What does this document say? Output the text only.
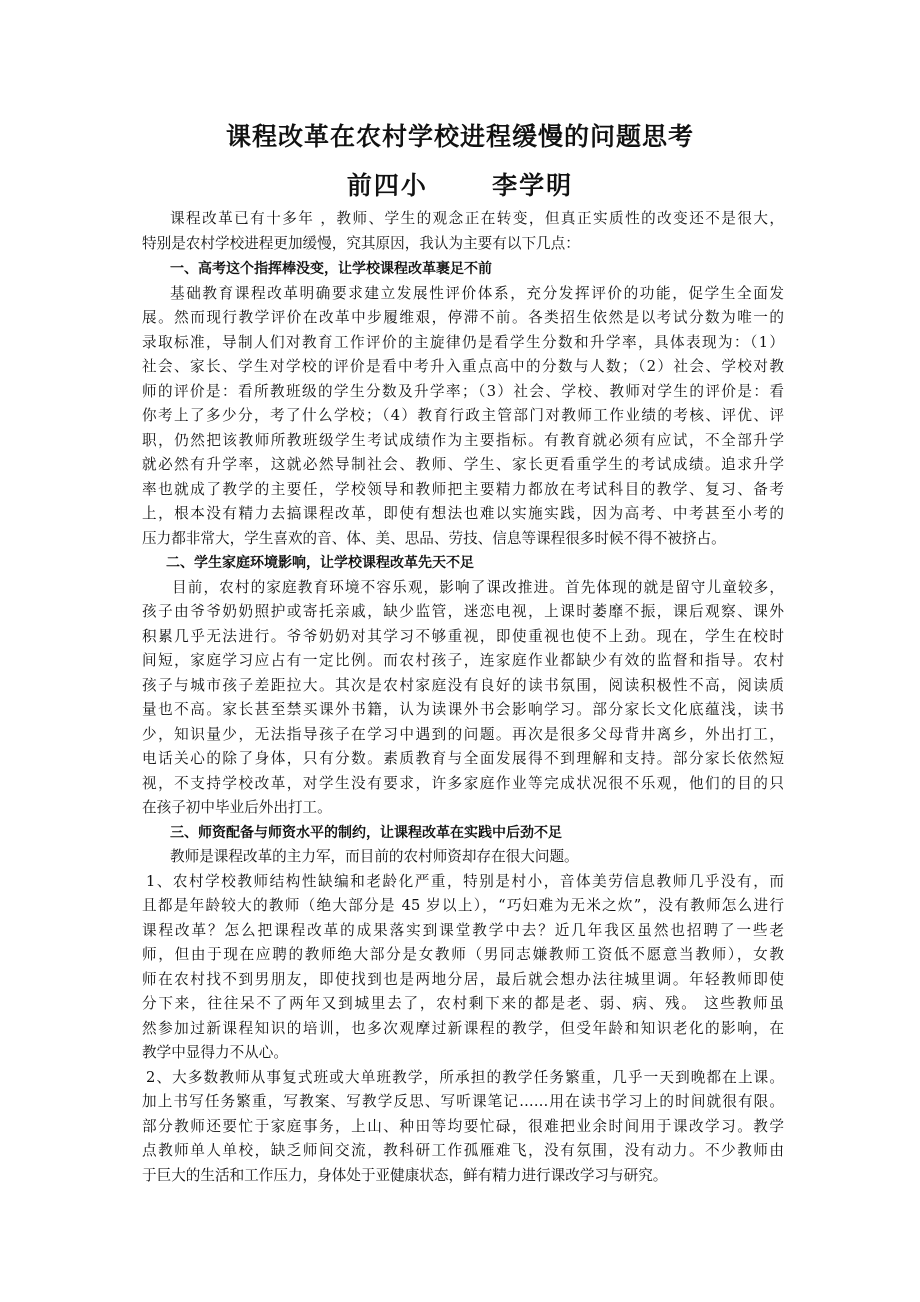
课程改革在农村学校进程缓慢的问题思考
前四小      李学明
课程改革已有十多年 ，教师、学生的观念正在转变，但真正实质性的改变还不是很大，
特别是农村学校进程更加缓慢，究其原因，我认为主要有以下几点：
一、高考这个指挥棒没变，让学校课程改革裹足不前
基础教育课程改革明确要求建立发展性评价体系，充分发挥评价的功能，促学生全面发
展。然而现行教学评价在改革中步履维艰，停滞不前。各类招生依然是以考试分数为唯一的
录取标准，导制人们对教育工作评价的主旋律仍是看学生分数和升学率，具体表现为：（1）
社会、家长、学生对学校的评价是看中考升入重点高中的分数与人数；（2）社会、学校对教
师的评价是：看所教班级的学生分数及升学率；（3）社会、学校、教师对学生的评价是：看
你考上了多少分，考了什么学校；（4）教育行政主管部门对教师工作业绩的考核、评优、评
职，仍然把该教师所教班级学生考试成绩作为主要指标。有教育就必须有应试，不全部升学
就必然有升学率，这就必然导制社会、教师、学生、家长更看重学生的考试成绩。追求升学
率也就成了教学的主要任，学校领导和教师把主要精力都放在考试科目的教学、复习、备考
上，根本没有精力去搞课程改革，即使有想法也难以实施实践，因为高考、中考甚至小考的
压力都非常大，学生喜欢的音、体、美、思品、劳技、信息等课程很多时候不得不被挤占。
二、学生家庭环境影响，让学校课程改革先天不足
目前，农村的家庭教育环境不容乐观，影响了课改推进。首先体现的就是留守儿童较多，
孩子由爷爷奶奶照护或寄托亲戚，缺少监管，迷恋电视，上课时萎靡不振，课后观察、课外
积累几乎无法进行。爷爷奶奶对其学习不够重视，即使重视也使不上劲。现在，学生在校时
间短，家庭学习应占有一定比例。而农村孩子，连家庭作业都缺少有效的监督和指导。农村
孩子与城市孩子差距拉大。其次是农村家庭没有良好的读书氛围，阅读积极性不高，阅读质
量也不高。家长甚至禁买课外书籍，认为读课外书会影响学习。部分家长文化底蕴浅，读书
少，知识量少，无法指导孩子在学习中遇到的问题。再次是很多父母背井离乡，外出打工，
电话关心的除了身体，只有分数。素质教育与全面发展得不到理解和支持。部分家长依然短
视，不支持学校改革，对学生没有要求，许多家庭作业等完成状况很不乐观，他们的目的只
在孩子初中毕业后外出打工。
三、师资配备与师资水平的制约，让课程改革在实践中后劲不足
教师是课程改革的主力军，而目前的农村师资却存在很大问题。
1、农村学校教师结构性缺编和老龄化严重，特别是村小，音体美劳信息教师几乎没有，而
且都是年龄较大的教师（绝大部分是 45 岁以上），“巧妇难为无米之炊”，没有教师怎么进行
课程改革？怎么把课程改革的成果落实到课堂教学中去？近几年我区虽然也招聘了一些老
师，但由于现在应聘的教师绝大部分是女教师（男同志嫌教师工资低不愿意当教师），女教
师在农村找不到男朋友，即使找到也是两地分居，最后就会想办法往城里调。年轻教师即使
分下来，往往呆不了两年又到城里去了，农村剩下来的都是老、弱、病、残。 这些教师虽
然参加过新课程知识的培训，也多次观摩过新课程的教学，但受年龄和知识老化的影响，在
教学中显得力不从心。
2、大多数教师从事复式班或大单班教学，所承担的教学任务繁重，几乎一天到晚都在上课。
加上书写任务繁重，写教案、写教学反思、写听课笔记……用在读书学习上的时间就很有限。
部分教师还要忙于家庭事务，上山、种田等均要忙碌，很难把业余时间用于课改学习。教学
点教师单人单校，缺乏师间交流，教科研工作孤雁难飞，没有氛围，没有动力。不少教师由
于巨大的生活和工作压力，身体处于亚健康状态，鲜有精力进行课改学习与研究。
